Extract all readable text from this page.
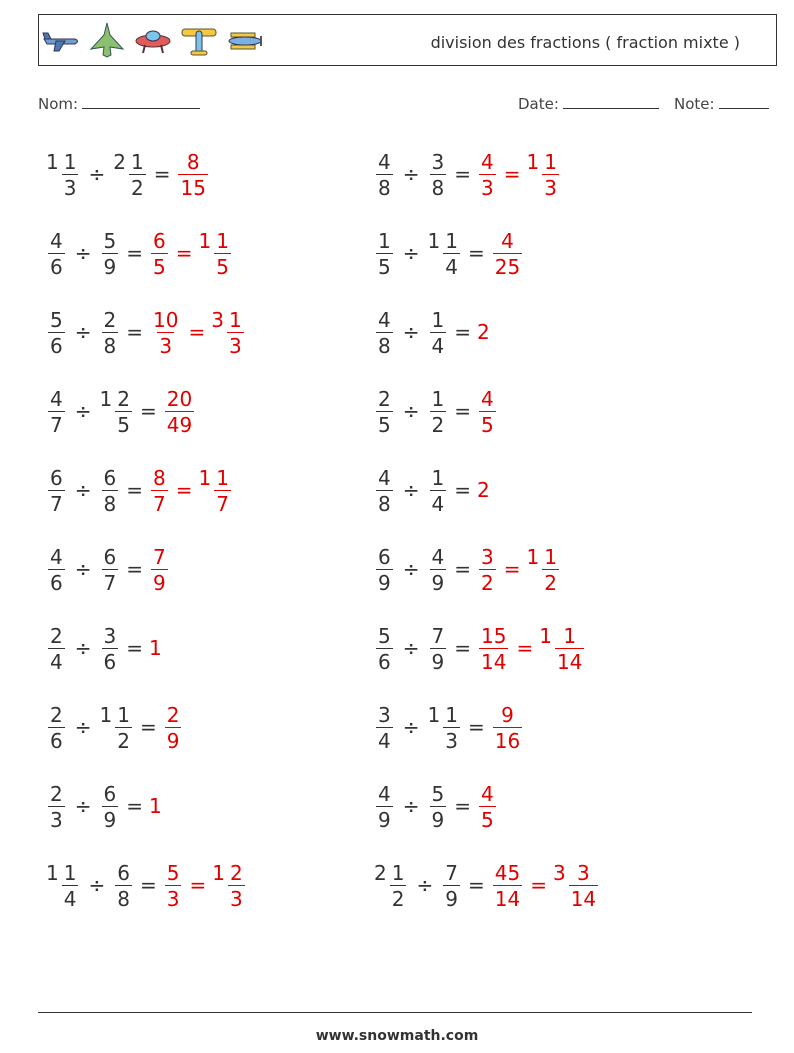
division des fractions ( fraction mixte )
Nom:	Date:	Note:
$1 \frac{1}{3} \div 2 \frac{1}{2} = \frac{8}{15}$	$\frac{4}{8} \div \frac{3}{8} = \frac{4}{3} = 1 \frac{1}{3}$
$\frac{4}{6} \div \frac{5}{9} = \frac{6}{5} = 1 \frac{1}{5}$	$\frac{1}{5} \div 1 \frac{1}{4} = \frac{4}{25}$
$\frac{5}{6} \div \frac{2}{8} = \frac{10}{3} = 3 \frac{1}{3}$	$\frac{4}{8} \div \frac{1}{4} = 2$
$\frac{4}{7} \div 1 \frac{2}{5} = \frac{20}{49}$	$\frac{2}{5} \div \frac{1}{2} = \frac{4}{5}$
$\frac{6}{7} \div \frac{6}{8} = \frac{8}{7} = 1 \frac{1}{7}$	$\frac{4}{8} \div \frac{1}{4} = 2$
$\frac{4}{6} \div \frac{6}{7} = \frac{7}{9}$	$\frac{6}{9} \div \frac{4}{9} = \frac{3}{2} = 1 \frac{1}{2}$
$\frac{2}{4} \div \frac{3}{6} = 1$	$\frac{5}{6} \div \frac{7}{9} = \frac{15}{14} = 1 \frac{1}{14}$
$\frac{2}{6} \div 1 \frac{1}{2} = \frac{2}{9}$	$\frac{3}{4} \div 1 \frac{1}{3} = \frac{9}{16}$
$\frac{2}{3} \div \frac{6}{9} = 1$	$\frac{4}{9} \div \frac{5}{9} = \frac{4}{5}$
$1 \frac{1}{4} \div \frac{6}{8} = \frac{5}{3} = 1 \frac{2}{3}$	$2 \frac{1}{2} \div \frac{7}{9} = \frac{45}{14} = 3 \frac{3}{14}$
www.snowmath.com
